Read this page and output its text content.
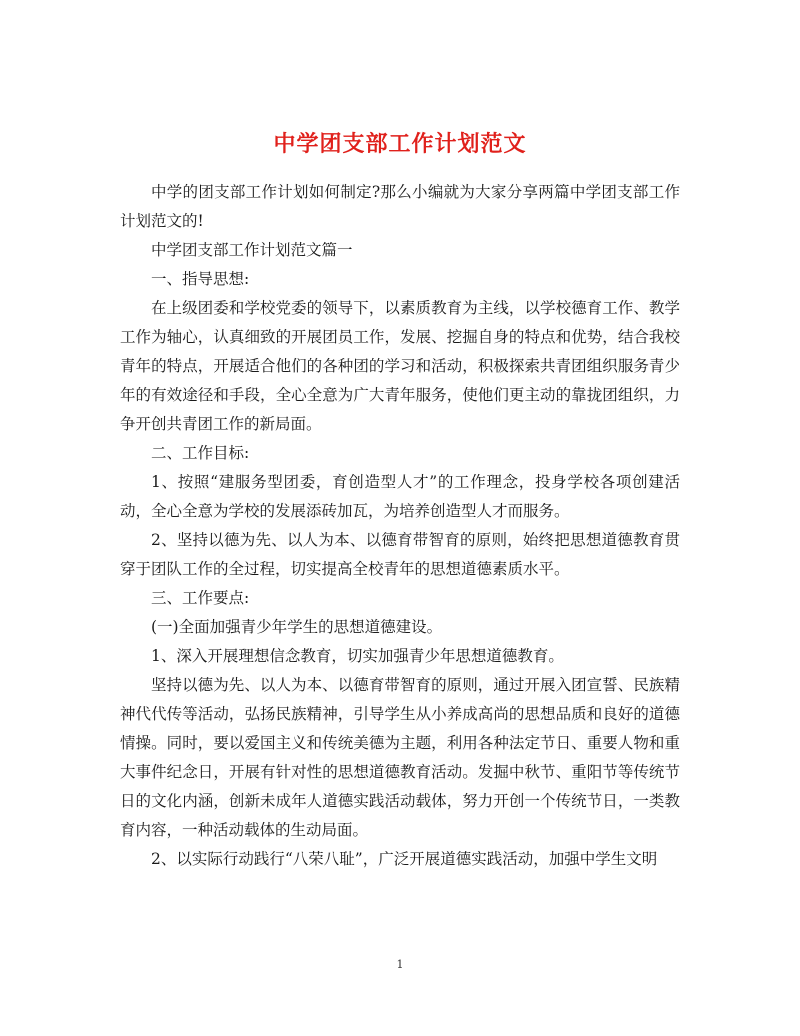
中学团支部工作计划范文

中学的团支部工作计划如何制定?那么小编就为大家分享两篇中学团支部工作计划范文的!

中学团支部工作计划范文篇一

一、指导思想:

在上级团委和学校党委的领导下，以素质教育为主线，以学校德育工作、教学工作为轴心，认真细致的开展团员工作，发展、挖掘自身的特点和优势，结合我校青年的特点，开展适合他们的各种团的学习和活动，积极探索共青团组织服务青少年的有效途径和手段，全心全意为广大青年服务，使他们更主动的靠拢团组织，力争开创共青团工作的新局面。

二、工作目标:

1、按照“建服务型团委，育创造型人才”的工作理念，投身学校各项创建活动，全心全意为学校的发展添砖加瓦，为培养创造型人才而服务。

2、坚持以德为先、以人为本、以德育带智育的原则，始终把思想道德教育贯穿于团队工作的全过程，切实提高全校青年的思想道德素质水平。

三、工作要点:

(一)全面加强青少年学生的思想道德建设。

1、深入开展理想信念教育，切实加强青少年思想道德教育。

坚持以德为先、以人为本、以德育带智育的原则，通过开展入团宣誓、民族精神代代传等活动，弘扬民族精神，引导学生从小养成高尚的思想品质和良好的道德情操。同时，要以爱国主义和传统美德为主题，利用各种法定节日、重要人物和重大事件纪念日，开展有针对性的思想道德教育活动。发掘中秋节、重阳节等传统节日的文化内涵，创新未成年人道德实践活动载体，努力开创一个传统节日，一类教育内容，一种活动载体的生动局面。

2、以实际行动践行“八荣八耻”，广泛开展道德实践活动，加强中学生文明

1
